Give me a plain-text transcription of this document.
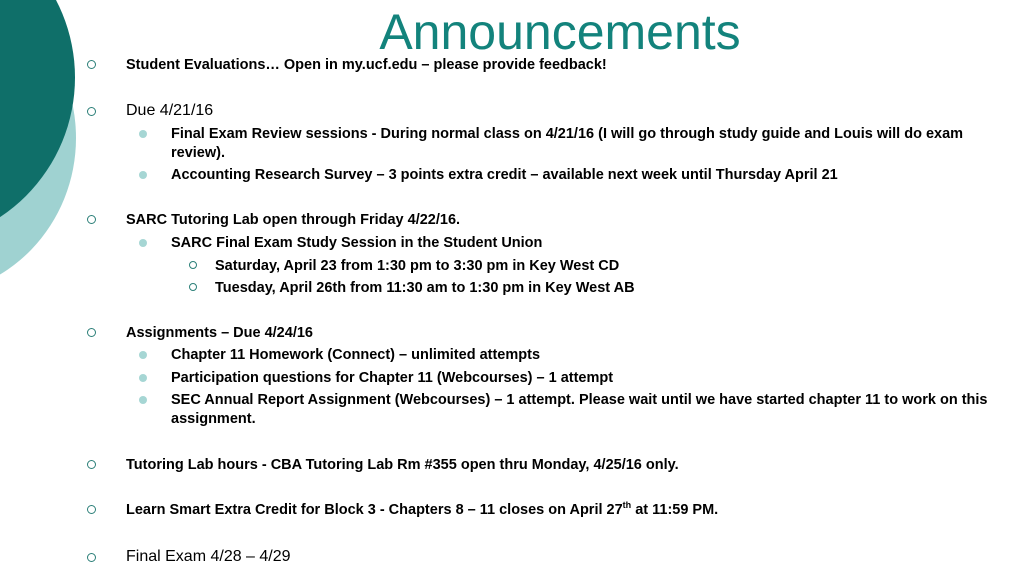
Announcements
Student Evaluations… Open in my.ucf.edu – please provide feedback!
Due 4/21/16
Final Exam Review sessions - During normal class on 4/21/16 (I will go through study guide and Louis will do exam review).
Accounting Research Survey – 3 points extra credit – available next week until Thursday April 21
SARC Tutoring Lab open through Friday 4/22/16.
SARC Final Exam Study Session in the Student Union
Saturday, April 23 from 1:30 pm to 3:30 pm in Key West CD
Tuesday, April 26th from 11:30 am to 1:30 pm in Key West AB
Assignments – Due 4/24/16
Chapter 11 Homework (Connect) – unlimited attempts
Participation questions for Chapter 11 (Webcourses) – 1 attempt
SEC Annual Report Assignment (Webcourses) – 1 attempt. Please wait until we have started chapter 11 to work on this assignment.
Tutoring Lab hours - CBA Tutoring Lab Rm #355 open thru Monday, 4/25/16 only.
Learn Smart Extra Credit for Block 3 - Chapters 8 – 11 closes on April 27th at 11:59 PM.
Final Exam 4/28 – 4/29
